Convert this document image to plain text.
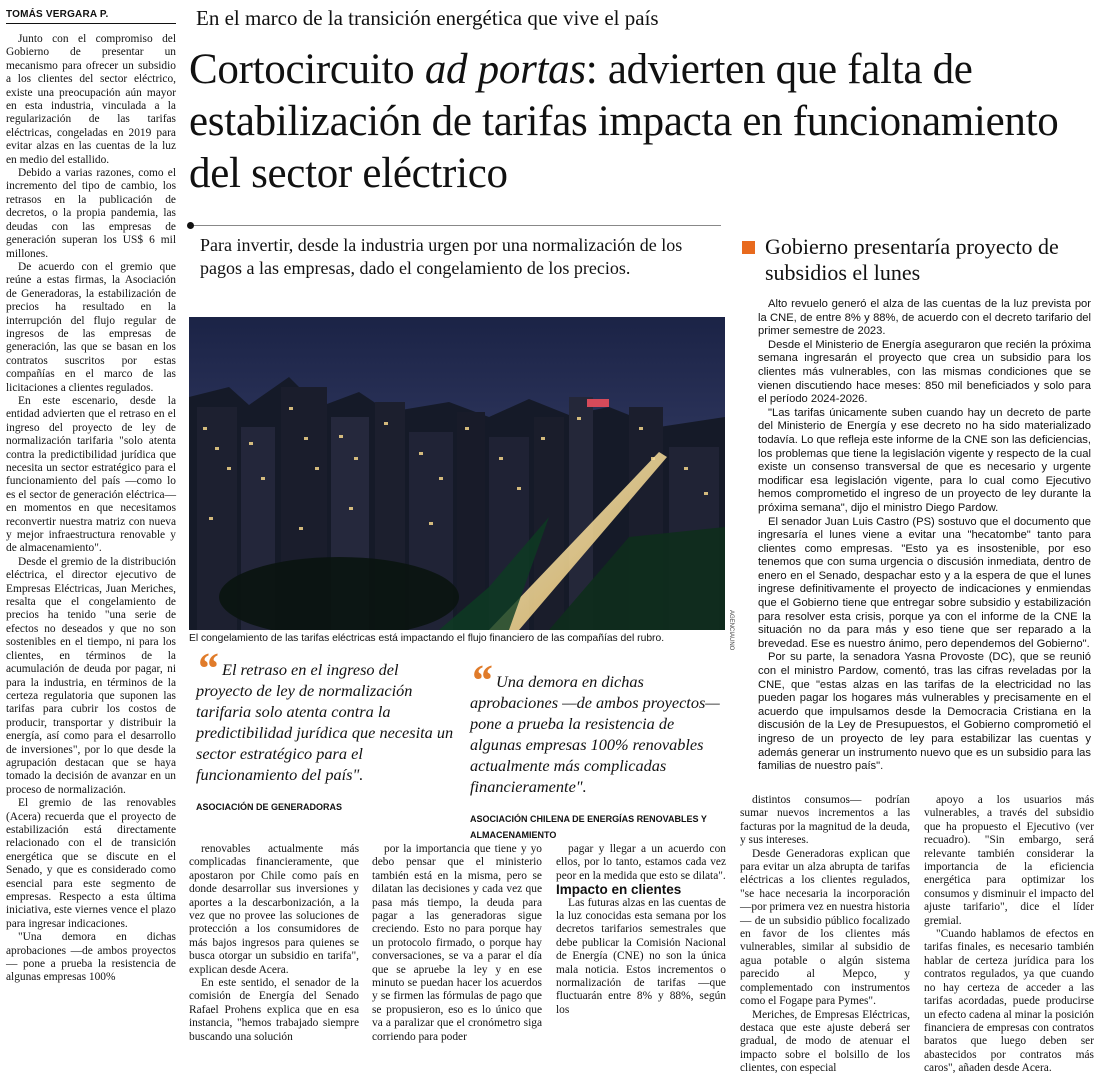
TOMÁS VERGARA P.

Junto con el compromiso del Gobierno de presentar un mecanismo para ofrecer un subsidio a los clientes del sector eléctrico, existe una preocupación aún mayor en esta industria, vinculada a la regularización de las tarifas eléctricas, congeladas en 2019 para evitar alzas en las cuentas de la luz en medio del estallido.

Debido a varias razones, como el incremento del tipo de cambio, los retrasos en la publicación de decretos, o la propia pandemia, las deudas con las empresas de generación superan los US$ 6 mil millones.

De acuerdo con el gremio que reúne a estas firmas, la Asociación de Generadoras, la estabilización de precios ha resultado en la interrupción del flujo regular de ingresos de las empresas de generación, las que se basan en los contratos suscritos por estas compañías en el marco de las licitaciones a clientes regulados.

En este escenario, desde la entidad advierten que el retraso en el ingreso del proyecto de ley de normalización tarifaria "solo atenta contra la predictibilidad jurídica que necesita un sector estratégico para el funcionamiento del país —como lo es el sector de generación eléctrica— en momentos en que necesitamos reconvertir nuestra matriz con nueva y mejor infraestructura renovable y de almacenamiento".

Desde el gremio de la distribución eléctrica, el director ejecutivo de Empresas Eléctricas, Juan Meriches, resalta que el congelamiento de precios ha tenido "una serie de efectos no deseados y que no son sostenibles en el tiempo, ni para los clientes, en términos de la acumulación de deuda por pagar, ni para la industria, en términos de la certeza regulatoria que suponen las tarifas para cubrir los costos de producir, transportar y distribuir la energía, así como para el desarrollo de inversiones", por lo que desde la agrupación destacan que se haya tomado la decisión de avanzar en un proceso de normalización.

El gremio de las renovables (Acera) recuerda que el proyecto de estabilización está directamente relacionado con el de transición energética que se discute en el Senado, y que es considerado como esencial para este segmento de empresas. Respecto a esta última iniciativa, este viernes vence el plazo para ingresar indicaciones.

"Una demora en dichas aprobaciones —de ambos proyectos— pone a prueba la resistencia de algunas empresas 100%

En el marco de la transición energética que vive el país
Cortocircuito ad portas: advierten que falta de estabilización de tarifas impacta en funcionamiento del sector eléctrico
Para invertir, desde la industria urgen por una normalización de los pagos a las empresas, dado el congelamiento de los precios.
AGENCIAUNO
El congelamiento de las tarifas eléctricas está impactando el flujo financiero de las compañías del rubro.
“ El retraso en el ingreso del proyecto de ley de normalización tarifaria solo atenta contra la predictibilidad jurídica que necesita un sector estratégico para el funcionamiento del país".
ASOCIACIÓN DE GENERADORAS
“ Una demora en dichas aprobaciones —de ambos proyectos— pone a prueba la resistencia de algunas empresas 100% renovables actualmente más complicadas financieramente".
ASOCIACIÓN CHILENA DE ENERGÍAS RENOVABLES Y ALMACENAMIENTO

renovables actualmente más complicadas financieramente, que apostaron por Chile como país en donde desarrollar sus inversiones y aportes a la descarbonización, a la vez que no provee las soluciones de protección a los consumidores de más bajos ingresos para quienes se busca otorgar un subsidio en tarifa", explican desde Acera.

En este sentido, el senador de la comisión de Energía del Senado Rafael Prohens explica que en esa instancia, "hemos trabajado siempre buscando una solución

por la importancia que tiene y yo debo pensar que el ministerio también está en la misma, pero se dilatan las decisiones y cada vez que pasa más tiempo, la deuda para pagar a las generadoras sigue creciendo. Esto no para porque hay un protocolo firmado, o porque hay conversaciones, se va a parar el día que se apruebe la ley y en ese minuto se puedan hacer los acuerdos y se firmen las fórmulas de pago que se propusieron, eso es lo único que va a paralizar que el cronómetro siga corriendo para poder

pagar y llegar a un acuerdo con ellos, por lo tanto, estamos cada vez peor en la medida que esto se dilata".

Impacto en clientes

Las futuras alzas en las cuentas de la luz conocidas esta semana por los decretos tarifarios semestrales que debe publicar la Comisión Nacional de Energía (CNE) no son la única mala noticia. Estos incrementos o normalización de tarifas —que fluctuarán entre 8% y 88%, según los

distintos consumos— podrían sumar nuevos incrementos a las facturas por la magnitud de la deuda, y sus intereses.

Desde Generadoras explican que para evitar un alza abrupta de tarifas eléctricas a los clientes regulados, "se hace necesaria la incorporación —por primera vez en nuestra historia— de un subsidio público focalizado en favor de los clientes más vulnerables, similar al subsidio de agua potable o algún sistema parecido al Mepco, y complementado con instrumentos como el Fogape para Pymes".

Meriches, de Empresas Eléctricas, destaca que este ajuste deberá ser gradual, de modo de atenuar el impacto sobre el bolsillo de los clientes, con especial

apoyo a los usuarios más vulnerables, a través del subsidio que ha propuesto el Ejecutivo (ver recuadro). "Sin embargo, será relevante también considerar la importancia de la eficiencia energética para optimizar los consumos y disminuir el impacto del ajuste tarifario", dice el líder gremial.

"Cuando hablamos de efectos en tarifas finales, es necesario también hablar de certeza jurídica para los contratos regulados, ya que cuando no hay certeza de acceder a las tarifas acordadas, puede producirse un efecto cadena al minar la posición financiera de empresas con contratos baratos que luego deben ser abastecidos por contratos más caros", añaden desde Acera.

Gobierno presentaría proyecto de subsidios el lunes

Alto revuelo generó el alza de las cuentas de la luz prevista por la CNE, de entre 8% y 88%, de acuerdo con el decreto tarifario del primer semestre de 2023.

Desde el Ministerio de Energía aseguraron que recién la próxima semana ingresarán el proyecto que crea un subsidio para los clientes más vulnerables, con las mismas condiciones que se vienen discutiendo hace meses: 850 mil beneficiados y solo para el período 2024-2026.

"Las tarifas únicamente suben cuando hay un decreto de parte del Ministerio de Energía y ese decreto no ha sido materializado todavía. Lo que refleja este informe de la CNE son las deficiencias, los problemas que tiene la legislación vigente y respecto de la cual existe un consenso transversal de que es necesario y urgente modificar esa legislación vigente, para lo cual como Ejecutivo hemos comprometido el ingreso de un proyecto de ley durante la próxima semana", dijo el ministro Diego Pardow.

El senador Juan Luis Castro (PS) sostuvo que el documento que ingresaría el lunes viene a evitar una "hecatombe" tanto para clientes como empresas. "Esto ya es insostenible, por eso tenemos que con suma urgencia o discusión inmediata, dentro de enero en el Senado, despachar esto y a la espera de que el lunes ingrese definitivamente el proyecto de indicaciones y enmiendas que el Gobierno tiene que entregar sobre subsidio y estabilización para resolver esta crisis, porque ya con el informe de la CNE la situación no da para más y eso tiene que ser reparado a la brevedad. Ese es nuestro ánimo, pero dependemos del Gobierno".

Por su parte, la senadora Yasna Provoste (DC), que se reunió con el ministro Pardow, comentó, tras las cifras reveladas por la CNE, que "estas alzas en las tarifas de la electricidad no las pueden pagar los hogares más vulnerables y precisamente en el acuerdo que impulsamos desde la Democracia Cristiana en la discusión de la Ley de Presupuestos, el Gobierno comprometió el ingreso de un proyecto de ley para estabilizar las cuentas y además generar un instrumento nuevo que es un subsidio para las familias de nuestro país".
